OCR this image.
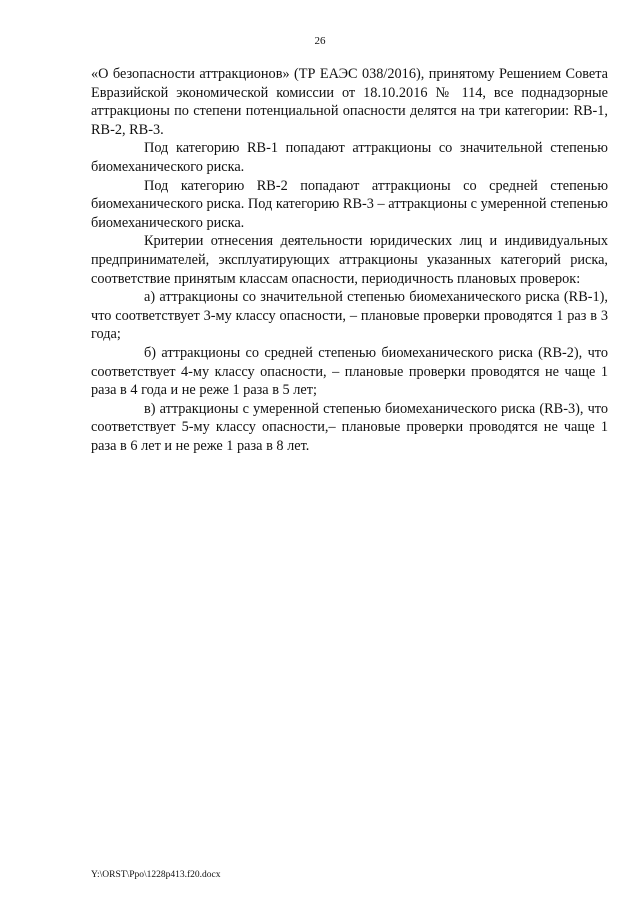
26

«О безопасности аттракционов» (ТР ЕАЭС 038/2016), принятому Решением Совета Евразийской экономической комиссии от 18.10.2016 № 114, все поднадзорные аттракционы по степени потенциальной опасности делятся на три категории: RB-1, RB-2, RB-3.

Под категорию RB-1 попадают аттракционы со значительной степенью биомеханического риска.

Под категорию RB-2 попадают аттракционы со средней степенью биомеханического риска. Под категорию RB-3 – аттракционы с умеренной степенью биомеханического риска.

Критерии отнесения деятельности юридических лиц и индивидуальных предпринимателей, эксплуатирующих аттракционы указанных категорий риска, соответствие принятым классам опасности, периодичность плановых проверок:

а) аттракционы со значительной степенью биомеханического риска (RB-1), что соответствует 3-му классу опасности, – плановые проверки проводятся 1 раз в 3 года;

б) аттракционы со средней степенью биомеханического риска (RB-2), что соответствует 4-му классу опасности, – плановые проверки проводятся не чаще 1 раза в 4 года и не реже 1 раза в 5 лет;

в) аттракционы с умеренной степенью биомеханического риска (RB-3), что соответствует 5-му классу опасности,– плановые проверки проводятся не чаще 1 раза в 6 лет и не реже 1 раза в 8 лет.

Y:\ORST\Ppo\1228p413.f20.docx
